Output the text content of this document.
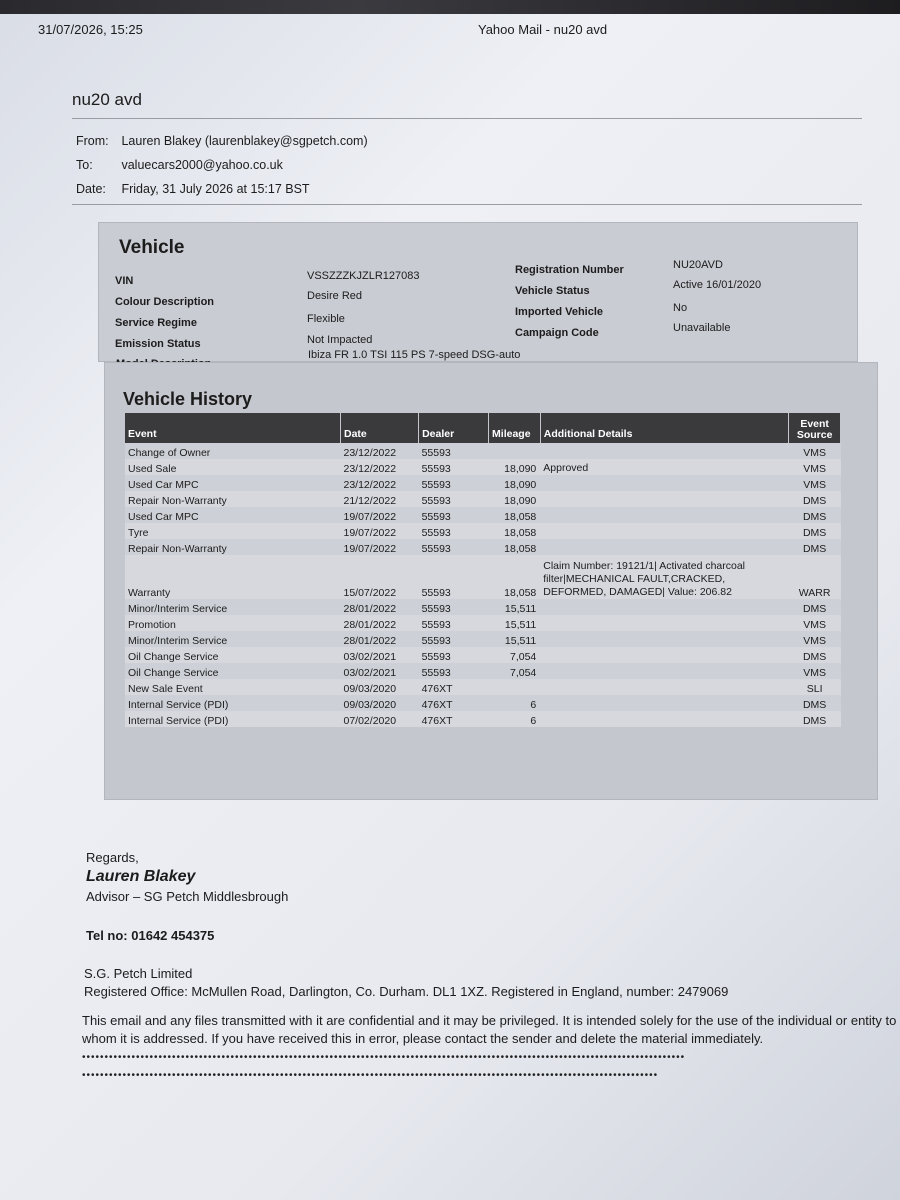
31/07/2026, 15:25	Yahoo Mail - nu20 avd
nu20 avd
From: Lauren Blakey (laurenblakey@sgpetch.com)
To: valuecars2000@yahoo.co.uk
Date: Friday, 31 July 2026 at 15:17 BST
Vehicle
VIN	VSSZZZKJZLR127083
Colour Description	Desire Red
Service Regime	Flexible
Emission Status	Not Impacted
Registration Number	NU20AVD
Vehicle Status	Active 16/01/2020
Imported Vehicle	No
Campaign Code	Unavailable
Ibiza FR 1.0 TSI 115 PS 7-speed DSG-auto
Vehicle History
Event	Date	Dealer	Mileage	Additional Details	Event Source
Change of Owner	23/12/2022	55593			VMS
Used Sale	23/12/2022	55593	18,090	Approved	VMS
Used Car MPC	23/12/2022	55593	18,090		VMS
Repair Non-Warranty	21/12/2022	55593	18,090		DMS
Used Car MPC	19/07/2022	55593	18,058		DMS
Tyre	19/07/2022	55593	18,058		DMS
Repair Non-Warranty	19/07/2022	55593	18,058		DMS
Warranty	15/07/2022	55593	18,058	Claim Number: 19121/1| Activated charcoal filter|MECHANICAL FAULT,CRACKED, DEFORMED, DAMAGED| Value: 206.82	WARR
Minor/Interim Service	28/01/2022	55593	15,511		DMS
Promotion	28/01/2022	55593	15,511		VMS
Minor/Interim Service	28/01/2022	55593	15,511		VMS
Oil Change Service	03/02/2021	55593	7,054		DMS
Oil Change Service	03/02/2021	55593	7,054		VMS
New Sale Event	09/03/2020	476XT			SLI
Internal Service (PDI)	09/03/2020	476XT	6		DMS
Internal Service (PDI)	07/02/2020	476XT	6		DMS
Regards,
Lauren Blakey
Advisor – SG Petch Middlesbrough
Tel no: 01642 454375
S.G. Petch Limited
Registered Office: McMullen Road, Darlington, Co. Durham. DL1 1XZ. Registered in England, number: 2479069
This email and any files transmitted with it are confidential and it may be privileged. It is intended solely for the use of the individual or entity to whom it is addressed. If you have received this in error, please contact the sender and delete the material immediately.
••••••••••••••••••••••••••••••••••••••••••••••••••••••••••••••••••••••••••••••••••••••••••••••••••••••••••••••••••••••••••••••••••••••
••••••••••••••••••••••••••••••••••••••••••••••••••••••••••••••••••••••••••••••••••••••••••••••••••••••••••••••••••••••••••••••••
